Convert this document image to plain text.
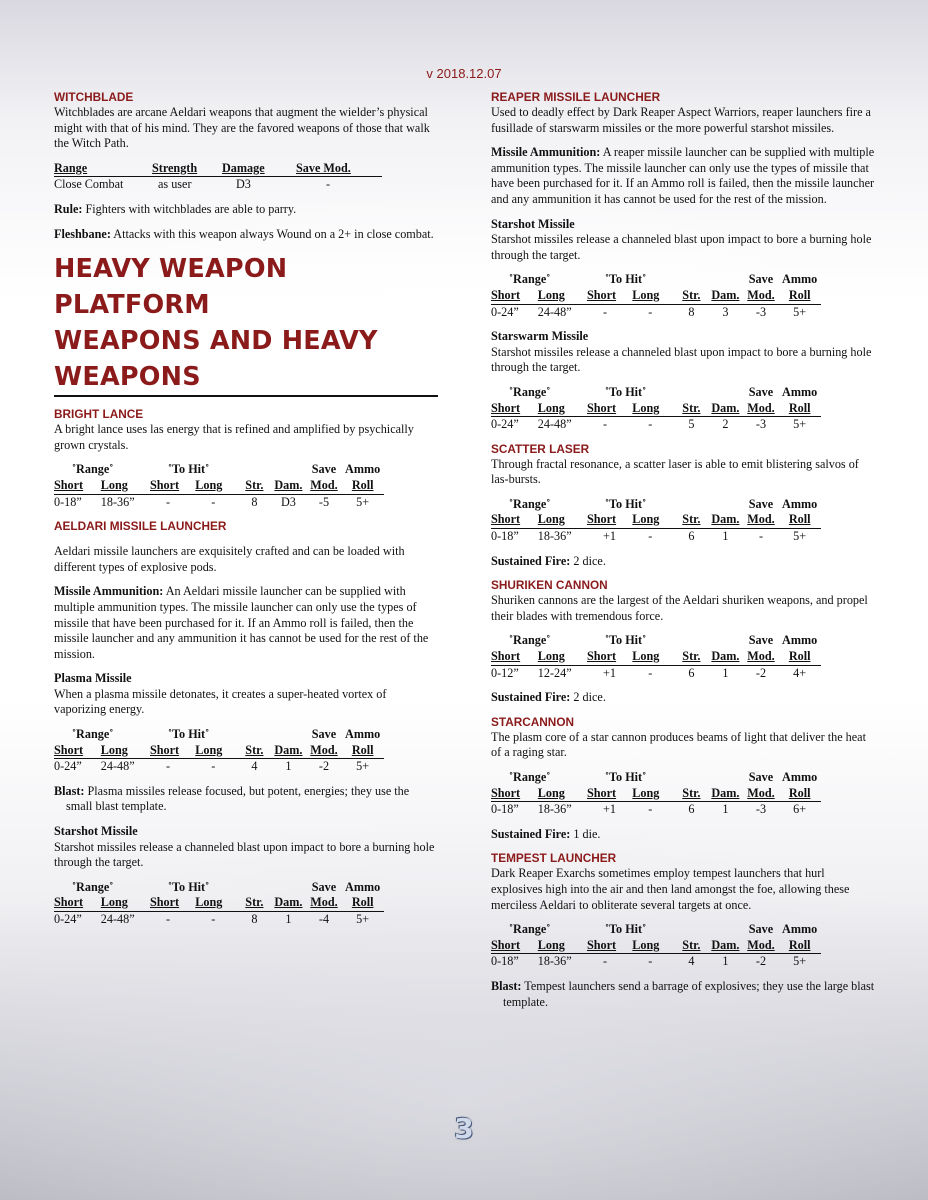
v 2018.12.07
WITCHBLADE

Witchblades are arcane Aeldari weapons that augment the wielder’s physical might with that of his mind. They are the favored weapons of those that walk the Witch Path.

Range	Strength	Damage	Save Mod.
Close Combat	as user	D3	-

Rule: Fighters with witchblades are able to parry.

Fleshbane: Attacks with this weapon always Wound on a 2+ in close combat.

HEAVY WEAPON PLATFORM
WEAPONS AND HEAVY
WEAPONS
BRIGHT LANCE

A bright lance uses las energy that is refined and amplified by psychically grown crystals.

˚Range˚		˚To Hit˚				Save	Ammo
Short	Long	Short	Long	Str.	Dam.	Mod.	Roll
0-18”	18-36”	-	-	8	D3	-5	5+
AELDARI MISSILE LAUNCHER

Aeldari missile launchers are exquisitely crafted and can be loaded with different types of explosive pods.

Missile Ammunition: An Aeldari missile launcher can be supplied with multiple ammunition types. The missile launcher can only use the types of missile that have been purchased for it. If an Ammo roll is failed, then the missile launcher and any ammunition it has cannot be used for the rest of the mission.

Plasma Missile

When a plasma missile detonates, it creates a super-heated vortex of vaporizing energy.

˚Range˚		˚To Hit˚				Save	Ammo
Short	Long	Short	Long	Str.	Dam.	Mod.	Roll
0-24”	24-48”	-	-	4	1	-2	5+

Blast: Plasma missiles release focused, but potent, energies; they use the small blast template.

Starshot Missile

Starshot missiles release a channeled blast upon impact to bore a burning hole through the target.

˚Range˚		˚To Hit˚				Save	Ammo
Short	Long	Short	Long	Str.	Dam.	Mod.	Roll
0-24”	24-48”	-	-	8	1	-4	5+
REAPER MISSILE LAUNCHER

Used to deadly effect by Dark Reaper Aspect Warriors, reaper launchers fire a fusillade of starswarm missiles or the more powerful starshot missiles.

Missile Ammunition: A reaper missile launcher can be supplied with multiple ammunition types. The missile launcher can only use the types of missile that have been purchased for it. If an Ammo roll is failed, then the missile launcher and any ammunition it has cannot be used for the rest of the mission.

Starshot Missile

Starshot missiles release a channeled blast upon impact to bore a burning hole through the target.

˚Range˚		˚To Hit˚				Save	Ammo
Short	Long	Short	Long	Str.	Dam.	Mod.	Roll
0-24”	24-48”	-	-	8	3	-3	5+
Starswarm Missile

Starshot missiles release a channeled blast upon impact to bore a burning hole through the target.

˚Range˚		˚To Hit˚				Save	Ammo
Short	Long	Short	Long	Str.	Dam.	Mod.	Roll
0-24”	24-48”	-	-	5	2	-3	5+
SCATTER LASER

Through fractal resonance, a scatter laser is able to emit blistering salvos of las-bursts.

˚Range˚		˚To Hit˚				Save	Ammo
Short	Long	Short	Long	Str.	Dam.	Mod.	Roll
0-18”	18-36”	+1	-	6	1	-	5+

Sustained Fire: 2 dice.

SHURIKEN CANNON

Shuriken cannons are the largest of the Aeldari shuriken weapons, and propel their blades with tremendous force.

˚Range˚		˚To Hit˚				Save	Ammo
Short	Long	Short	Long	Str.	Dam.	Mod.	Roll
0-12”	12-24”	+1	-	6	1	-2	4+

Sustained Fire: 2 dice.

STARCANNON

The plasm core of a star cannon produces beams of light that deliver the heat of a raging star.

˚Range˚		˚To Hit˚				Save	Ammo
Short	Long	Short	Long	Str.	Dam.	Mod.	Roll
0-18”	18-36”	+1	-	6	1	-3	6+

Sustained Fire: 1 die.

TEMPEST LAUNCHER

Dark Reaper Exarchs sometimes employ tempest launchers that hurl explosives high into the air and then land amongst the foe, allowing these merciless Aeldari to obliterate several targets at once.

˚Range˚		˚To Hit˚				Save	Ammo
Short	Long	Short	Long	Str.	Dam.	Mod.	Roll
0-18”	18-36”	-	-	4	1	-2	5+

Blast: Tempest launchers send a barrage of explosives; they use the large blast template.

3
